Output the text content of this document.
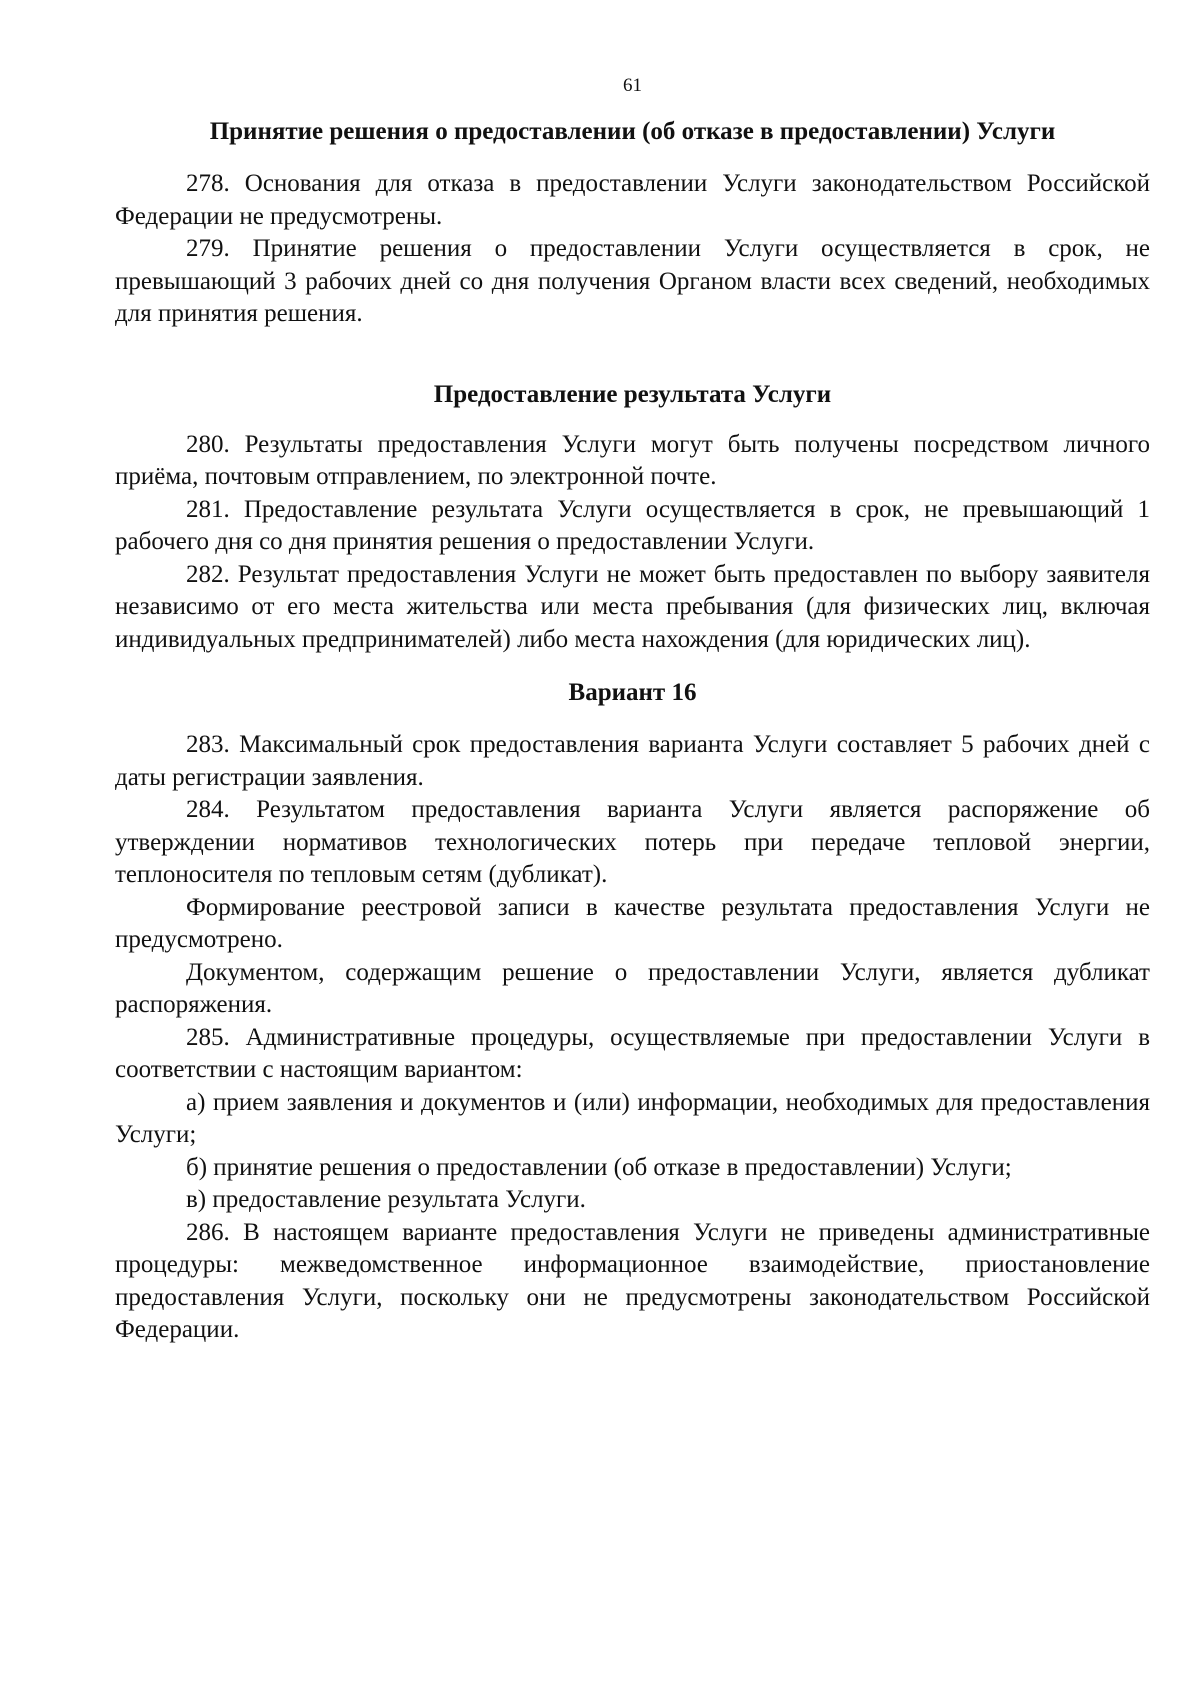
61
Принятие решения о предоставлении (об отказе в предоставлении) Услуги

278. Основания для отказа в предоставлении Услуги законодательством Российской Федерации не предусмотрены.

279. Принятие решения о предоставлении Услуги осуществляется в срок, не превышающий 3 рабочих дней со дня получения Органом власти всех сведений, необходимых для принятия решения.

Предоставление результата Услуги

280. Результаты предоставления Услуги могут быть получены посредством личного приёма, почтовым отправлением, по электронной почте.

281. Предоставление результата Услуги осуществляется в срок, не превышающий 1 рабочего дня со дня принятия решения о предоставлении Услуги.

282. Результат предоставления Услуги не может быть предоставлен по выбору заявителя независимо от его места жительства или места пребывания (для физических лиц, включая индивидуальных предпринимателей) либо места нахождения (для юридических лиц).

Вариант 16

283. Максимальный срок предоставления варианта Услуги составляет 5 рабочих дней с даты регистрации заявления.

284. Результатом предоставления варианта Услуги является распоряжение об утверждении нормативов технологических потерь при передаче тепловой энергии, теплоносителя по тепловым сетям (дубликат).

Формирование реестровой записи в качестве результата предоставления Услуги не предусмотрено.

Документом, содержащим решение о предоставлении Услуги, является дубликат распоряжения.

285. Административные процедуры, осуществляемые при предоставлении Услуги в соответствии с настоящим вариантом:

а) прием заявления и документов и (или) информации, необходимых для предоставления Услуги;

б) принятие решения о предоставлении (об отказе в предоставлении) Услуги;

в) предоставление результата Услуги.

286. В настоящем варианте предоставления Услуги не приведены административные процедуры: межведомственное информационное взаимодействие, приостановление предоставления Услуги, поскольку они не предусмотрены законодательством Российской Федерации.
